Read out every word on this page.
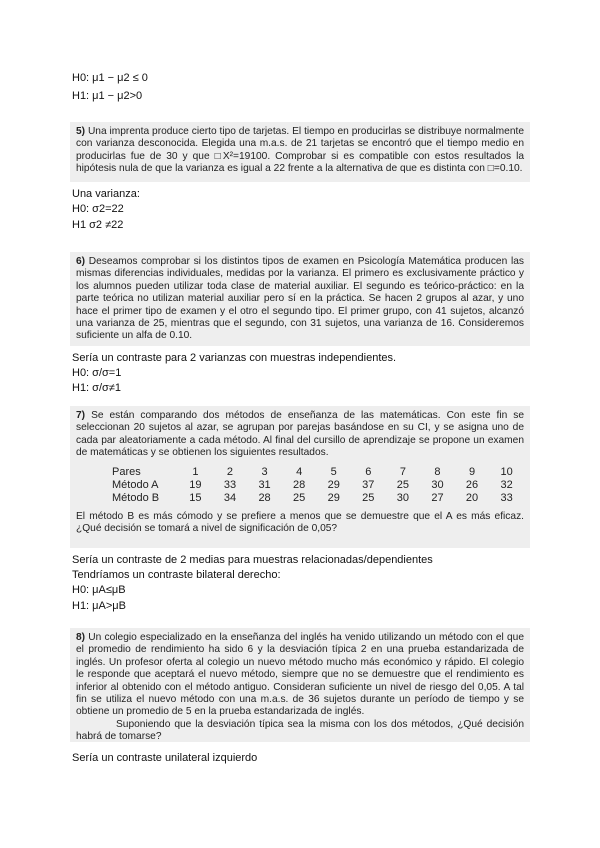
H0: μ1 − μ2 ≤ 0
H1: μ1 − μ2>0

5) Una imprenta produce cierto tipo de tarjetas. El tiempo en producirlas se distribuye normalmente con varianza desconocida. Elegida una m.a.s. de 21 tarjetas se encontró que el tiempo medio en producirlas fue de 30 y que □X²=19100. Comprobar si es compatible con estos resultados la hipótesis nula de que la varianza es igual a 22 frente a la alternativa de que es distinta con □=0.10.

Una varianza:
H0: σ2=22
H1 σ2 ≠22

6) Deseamos comprobar si los distintos tipos de examen en Psicología Matemática producen las mismas diferencias individuales, medidas por la varianza. El primero es exclusivamente práctico y los alumnos pueden utilizar toda clase de material auxiliar. El segundo es teórico-práctico: en la parte teórica no utilizan material auxiliar pero sí en la práctica. Se hacen 2 grupos al azar, y uno hace el primer tipo de examen y el otro el segundo tipo. El primer grupo, con 41 sujetos, alcanzó una varianza de 25, mientras que el segundo, con 31 sujetos, una varianza de 16. Consideremos suficiente un alfa de 0.10.

Sería un contraste para 2 varianzas con muestras independientes.
H0: σ/σ=1
H1: σ/σ≠1

7) Se están comparando dos métodos de enseñanza de las matemáticas. Con este fin se seleccionan 20 sujetos al azar, se agrupan por parejas basándose en su CI, y se asigna uno de cada par aleatoriamente a cada método. Al final del cursillo de aprendizaje se propone un examen de matemáticas y se obtienen los siguientes resultados.

Pares	1	2	3	4	5	6	7	8	9	10
Método A	19	33	31	28	29	37	25	30	26	32
Método B	15	34	28	25	29	25	30	27	20	33

El método B es más cómodo y se prefiere a menos que se demuestre que el A es más eficaz. ¿Qué decisión se tomará a nivel de significación de 0,05?

Sería un contraste de 2 medias para muestras relacionadas/dependientes
Tendríamos un contraste bilateral derecho:
H0: μA≤μB
H1: μA>μB

8) Un colegio especializado en la enseñanza del inglés ha venido utilizando un método con el que el promedio de rendimiento ha sido 6 y la desviación típica 2 en una prueba estandarizada de inglés. Un profesor oferta al colegio un nuevo método mucho más económico y rápido. El colegio le responde que aceptará el nuevo método, siempre que no se demuestre que el rendimiento es inferior al obtenido con el método antiguo. Consideran suficiente un nivel de riesgo del 0,05. A tal fin se utiliza el nuevo método con una m.a.s. de 36 sujetos durante un período de tiempo y se obtiene un promedio de 5 en la prueba estandarizada de inglés.

Suponiendo que la desviación típica sea la misma con los dos métodos, ¿Qué decisión habrá de tomarse?

Sería un contraste unilateral izquierdo
